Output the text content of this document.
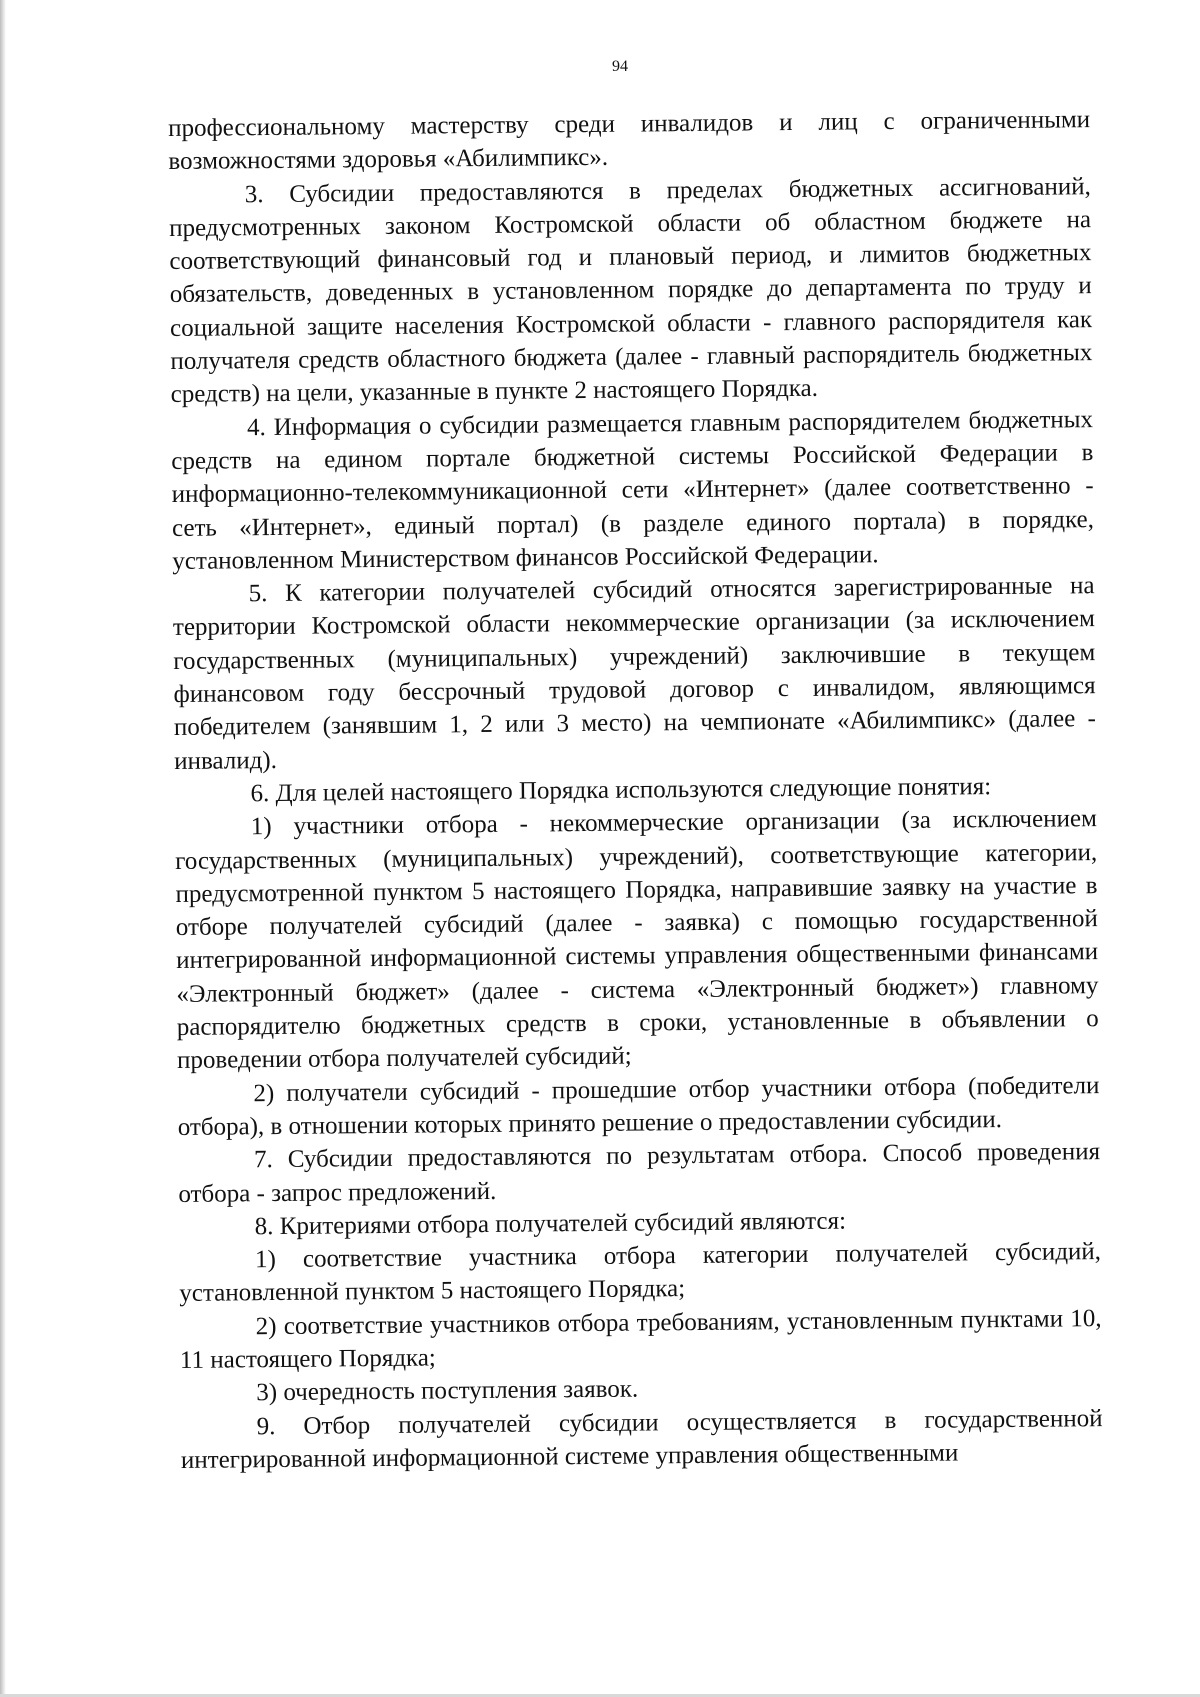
94

профессиональному мастерству среди инвалидов и лиц с ограниченными возможностями здоровья «Абилимпикс».

3. Субсидии предоставляются в пределах бюджетных ассигнований, предусмотренных законом Костромской области об областном бюджете на соответствующий финансовый год и плановый период, и лимитов бюджетных обязательств, доведенных в установленном порядке до департамента по труду и социальной защите населения Костромской области - главного распорядителя как получателя средств областного бюджета (далее - главный распорядитель бюджетных средств) на цели, указанные в пункте 2 настоящего Порядка.

4. Информация о субсидии размещается главным распорядителем бюджетных средств на едином портале бюджетной системы Российской Федерации в информационно-телекоммуникационной сети «Интернет» (далее соответственно - сеть «Интернет», единый портал) (в разделе единого портала) в порядке, установленном Министерством финансов Российской Федерации.

5. К категории получателей субсидий относятся зарегистрированные на территории Костромской области некоммерческие организации (за исключением государственных (муниципальных) учреждений) заключившие в текущем финансовом году бессрочный трудовой договор с инвалидом, являющимся победителем (занявшим 1, 2 или 3 место) на чемпионате «Абилимпикс» (далее - инвалид).

6. Для целей настоящего Порядка используются следующие понятия:

1) участники отбора - некоммерческие организации (за исключением государственных (муниципальных) учреждений), соответствующие категории, предусмотренной пунктом 5 настоящего Порядка, направившие заявку на участие в отборе получателей субсидий (далее - заявка) с помощью государственной интегрированной информационной системы управления общественными финансами «Электронный бюджет» (далее - система «Электронный бюджет») главному распорядителю бюджетных средств в сроки, установленные в объявлении о проведении отбора получателей субсидий;

2) получатели субсидий - прошедшие отбор участники отбора (победители отбора), в отношении которых принято решение о предоставлении субсидии.

7. Субсидии предоставляются по результатам отбора. Способ проведения отбора - запрос предложений.

8. Критериями отбора получателей субсидий являются:

1) соответствие участника отбора категории получателей субсидий, установленной пунктом 5 настоящего Порядка;

2) соответствие участников отбора требованиям, установленным пунктами 10, 11 настоящего Порядка;

3) очередность поступления заявок.

9. Отбор получателей субсидии осуществляется в государственной интегрированной информационной системе управления общественными
